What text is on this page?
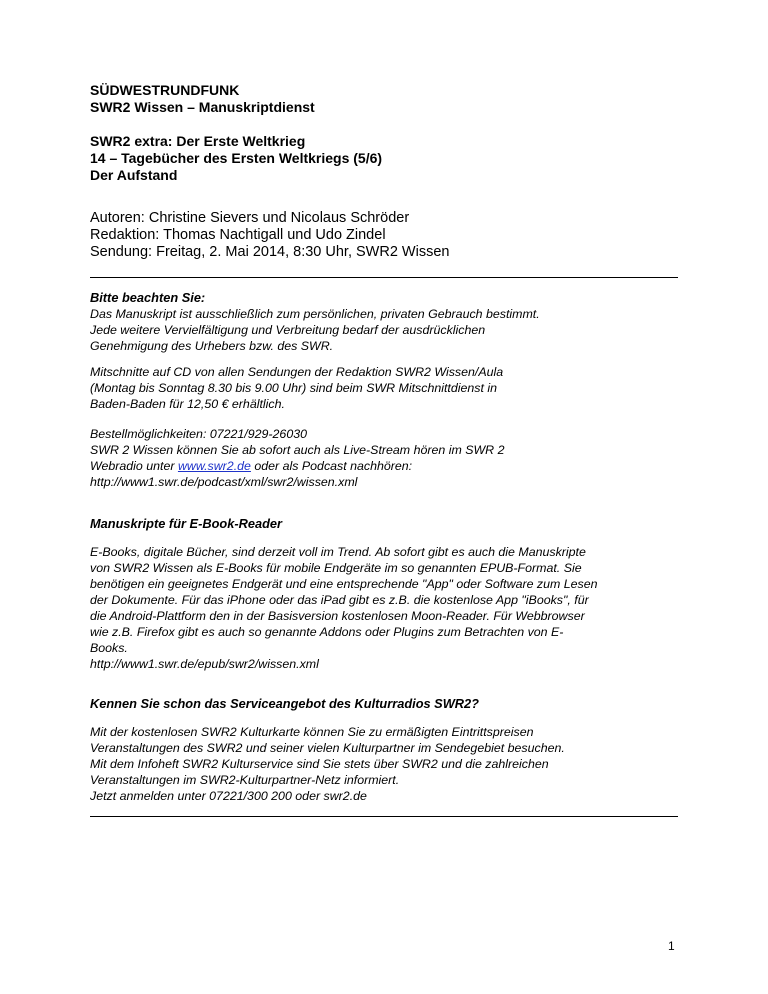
SÜDWESTRUNDFUNK
SWR2 Wissen – Manuskriptdienst
SWR2 extra: Der Erste Weltkrieg
14 – Tagebücher des Ersten Weltkriegs (5/6)
Der Aufstand
Autoren: Christine Sievers und Nicolaus Schröder
Redaktion: Thomas Nachtigall und Udo Zindel
Sendung: Freitag, 2. Mai 2014, 8:30 Uhr, SWR2 Wissen
Bitte beachten Sie:
Das Manuskript ist ausschließlich zum persönlichen, privaten Gebrauch bestimmt.
Jede weitere Vervielfältigung und Verbreitung bedarf der ausdrücklichen
Genehmigung des Urhebers bzw. des SWR.
Mitschnitte auf CD von allen Sendungen der Redaktion SWR2 Wissen/Aula
(Montag bis Sonntag 8.30 bis 9.00 Uhr) sind beim SWR Mitschnittdienst in
Baden-Baden für 12,50 € erhältlich.
Bestellmöglichkeiten: 07221/929-26030
SWR 2 Wissen können Sie ab sofort auch als Live-Stream hören im SWR 2
Webradio unter www.swr2.de oder als Podcast nachhören:
http://www1.swr.de/podcast/xml/swr2/wissen.xml
Manuskripte für E-Book-Reader
E-Books, digitale Bücher, sind derzeit voll im Trend. Ab sofort gibt es auch die Manuskripte
von SWR2 Wissen als E-Books für mobile Endgeräte im so genannten EPUB-Format. Sie
benötigen ein geeignetes Endgerät und eine entsprechende "App" oder Software zum Lesen
der Dokumente. Für das iPhone oder das iPad gibt es z.B. die kostenlose App "iBooks", für
die Android-Plattform den in der Basisversion kostenlosen Moon-Reader. Für Webbrowser
wie z.B. Firefox gibt es auch so genannte Addons oder Plugins zum Betrachten von E-
Books.
http://www1.swr.de/epub/swr2/wissen.xml
Kennen Sie schon das Serviceangebot des Kulturradios SWR2?
Mit der kostenlosen SWR2 Kulturkarte können Sie zu ermäßigten Eintrittspreisen
Veranstaltungen des SWR2 und seiner vielen Kulturpartner im Sendegebiet besuchen.
Mit dem Infoheft SWR2 Kulturservice sind Sie stets über SWR2 und die zahlreichen
Veranstaltungen im SWR2-Kulturpartner-Netz informiert.
Jetzt anmelden unter 07221/300 200 oder swr2.de
1
